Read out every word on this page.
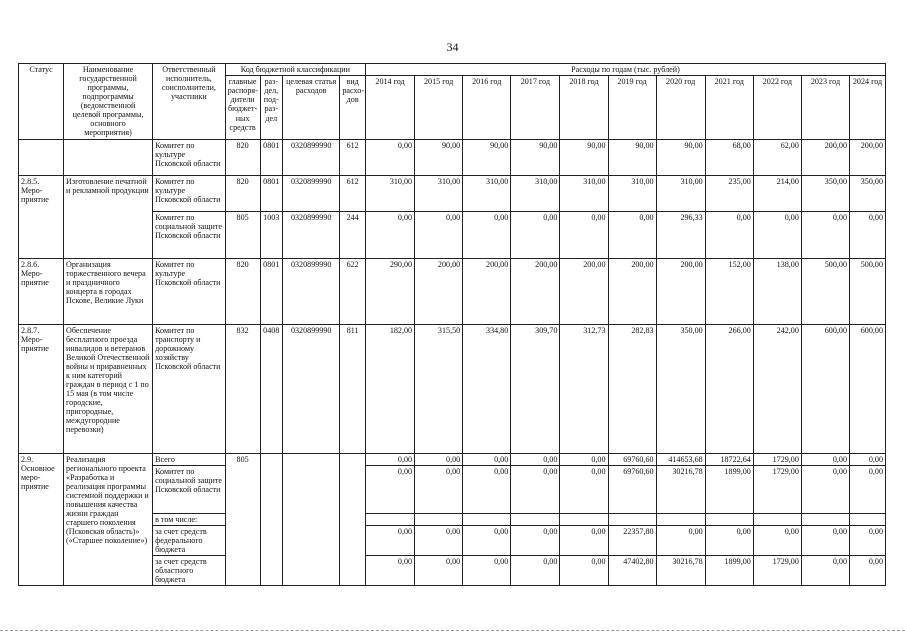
34
Статус	Наименование государственной программы, подпрограммы (ведомственной целевой программы, основного мероприятия)	Ответственный исполнитель, соисполнители, участники	Код бюджетной классификации				Расходы по годам (тыс. рублей)										
			главные распоря-дители бюджет-ных средств	раз-дел, под-раз-дел	целевая статья расходов	вид расхо-дов	2014 год	2015 год	2016 год	2017 год	2018 год	2019 год	2020 год	2021 год	2022 год	2023 год	2024 год
		Комитет по культуре Псковской области	820	0801	0320899990	612	0,00	90,00	90,00	90,00	90,00	90,00	90,00	68,00	62,00	200,00	200,00
2.8.5. Меро-приятие	Изготовление печатной и рекламной продукции	Комитет по культуре Псковской области	820	0801	0320899990	612	310,00	310,00	310,00	310,00	310,00	310,00	310,00	235,00	214,00	350,00	350,00
		Комитет по социальной защите Псковской области	805	1003	0320899990	244	0,00	0,00	0,00	0,00	0,00	0,00	296,33	0,00	0,00	0,00	0,00
2.8.6. Меро-приятие	Организация торжественного вечера и праздничного концерта в городах Пскове, Великие Луки	Комитет по культуре Псковской области	820	0801	0320899990	622	290,00	200,00	200,00	200,00	200,00	200,00	200,00	152,00	138,00	500,00	500,00
2.8.7. Меро-приятие	Обеспечение бесплатного проезда инвалидов и ветеранов Великой Отечественной войны и приравненных к ним категорий граждан в период с 1 по 15 мая (в том числе городские, пригородные, междугородние перевозки)	Комитет по транспорту и дорожному хозяйству Псковской области	832	0408	0320899990	811	182,00	315,50	334,80	309,70	312,73	282,83	350,00	266,00	242,00	600,00	600,00
2.9. Основное меро-приятие	Реализация регионального проекта «Разработка и реализация программы системной поддержки и повышения качества жизни граждан старшего поколения (Псковская область)» («Старшее поколение»)	Всего	805				0,00	0,00	0,00	0,00	0,00	69760,60	414653,68	18722,64	1729,00	0,00	0,00
		Комитет по социальной защите Псковской области					0,00	0,00	0,00	0,00	0,00	69760,60	30216,78	1899,00	1729,00	0,00	0,00
		в том числе:															
		за счет средств федерального бюджета					0,00	0,00	0,00	0,00	0,00	22357,80	0,00	0,00	0,00	0,00	0,00
		за счет средств областного бюджета					0,00	0,00	0,00	0,00	0,00	47402,80	30216,78	1899,00	1729,00	0,00	0,00
